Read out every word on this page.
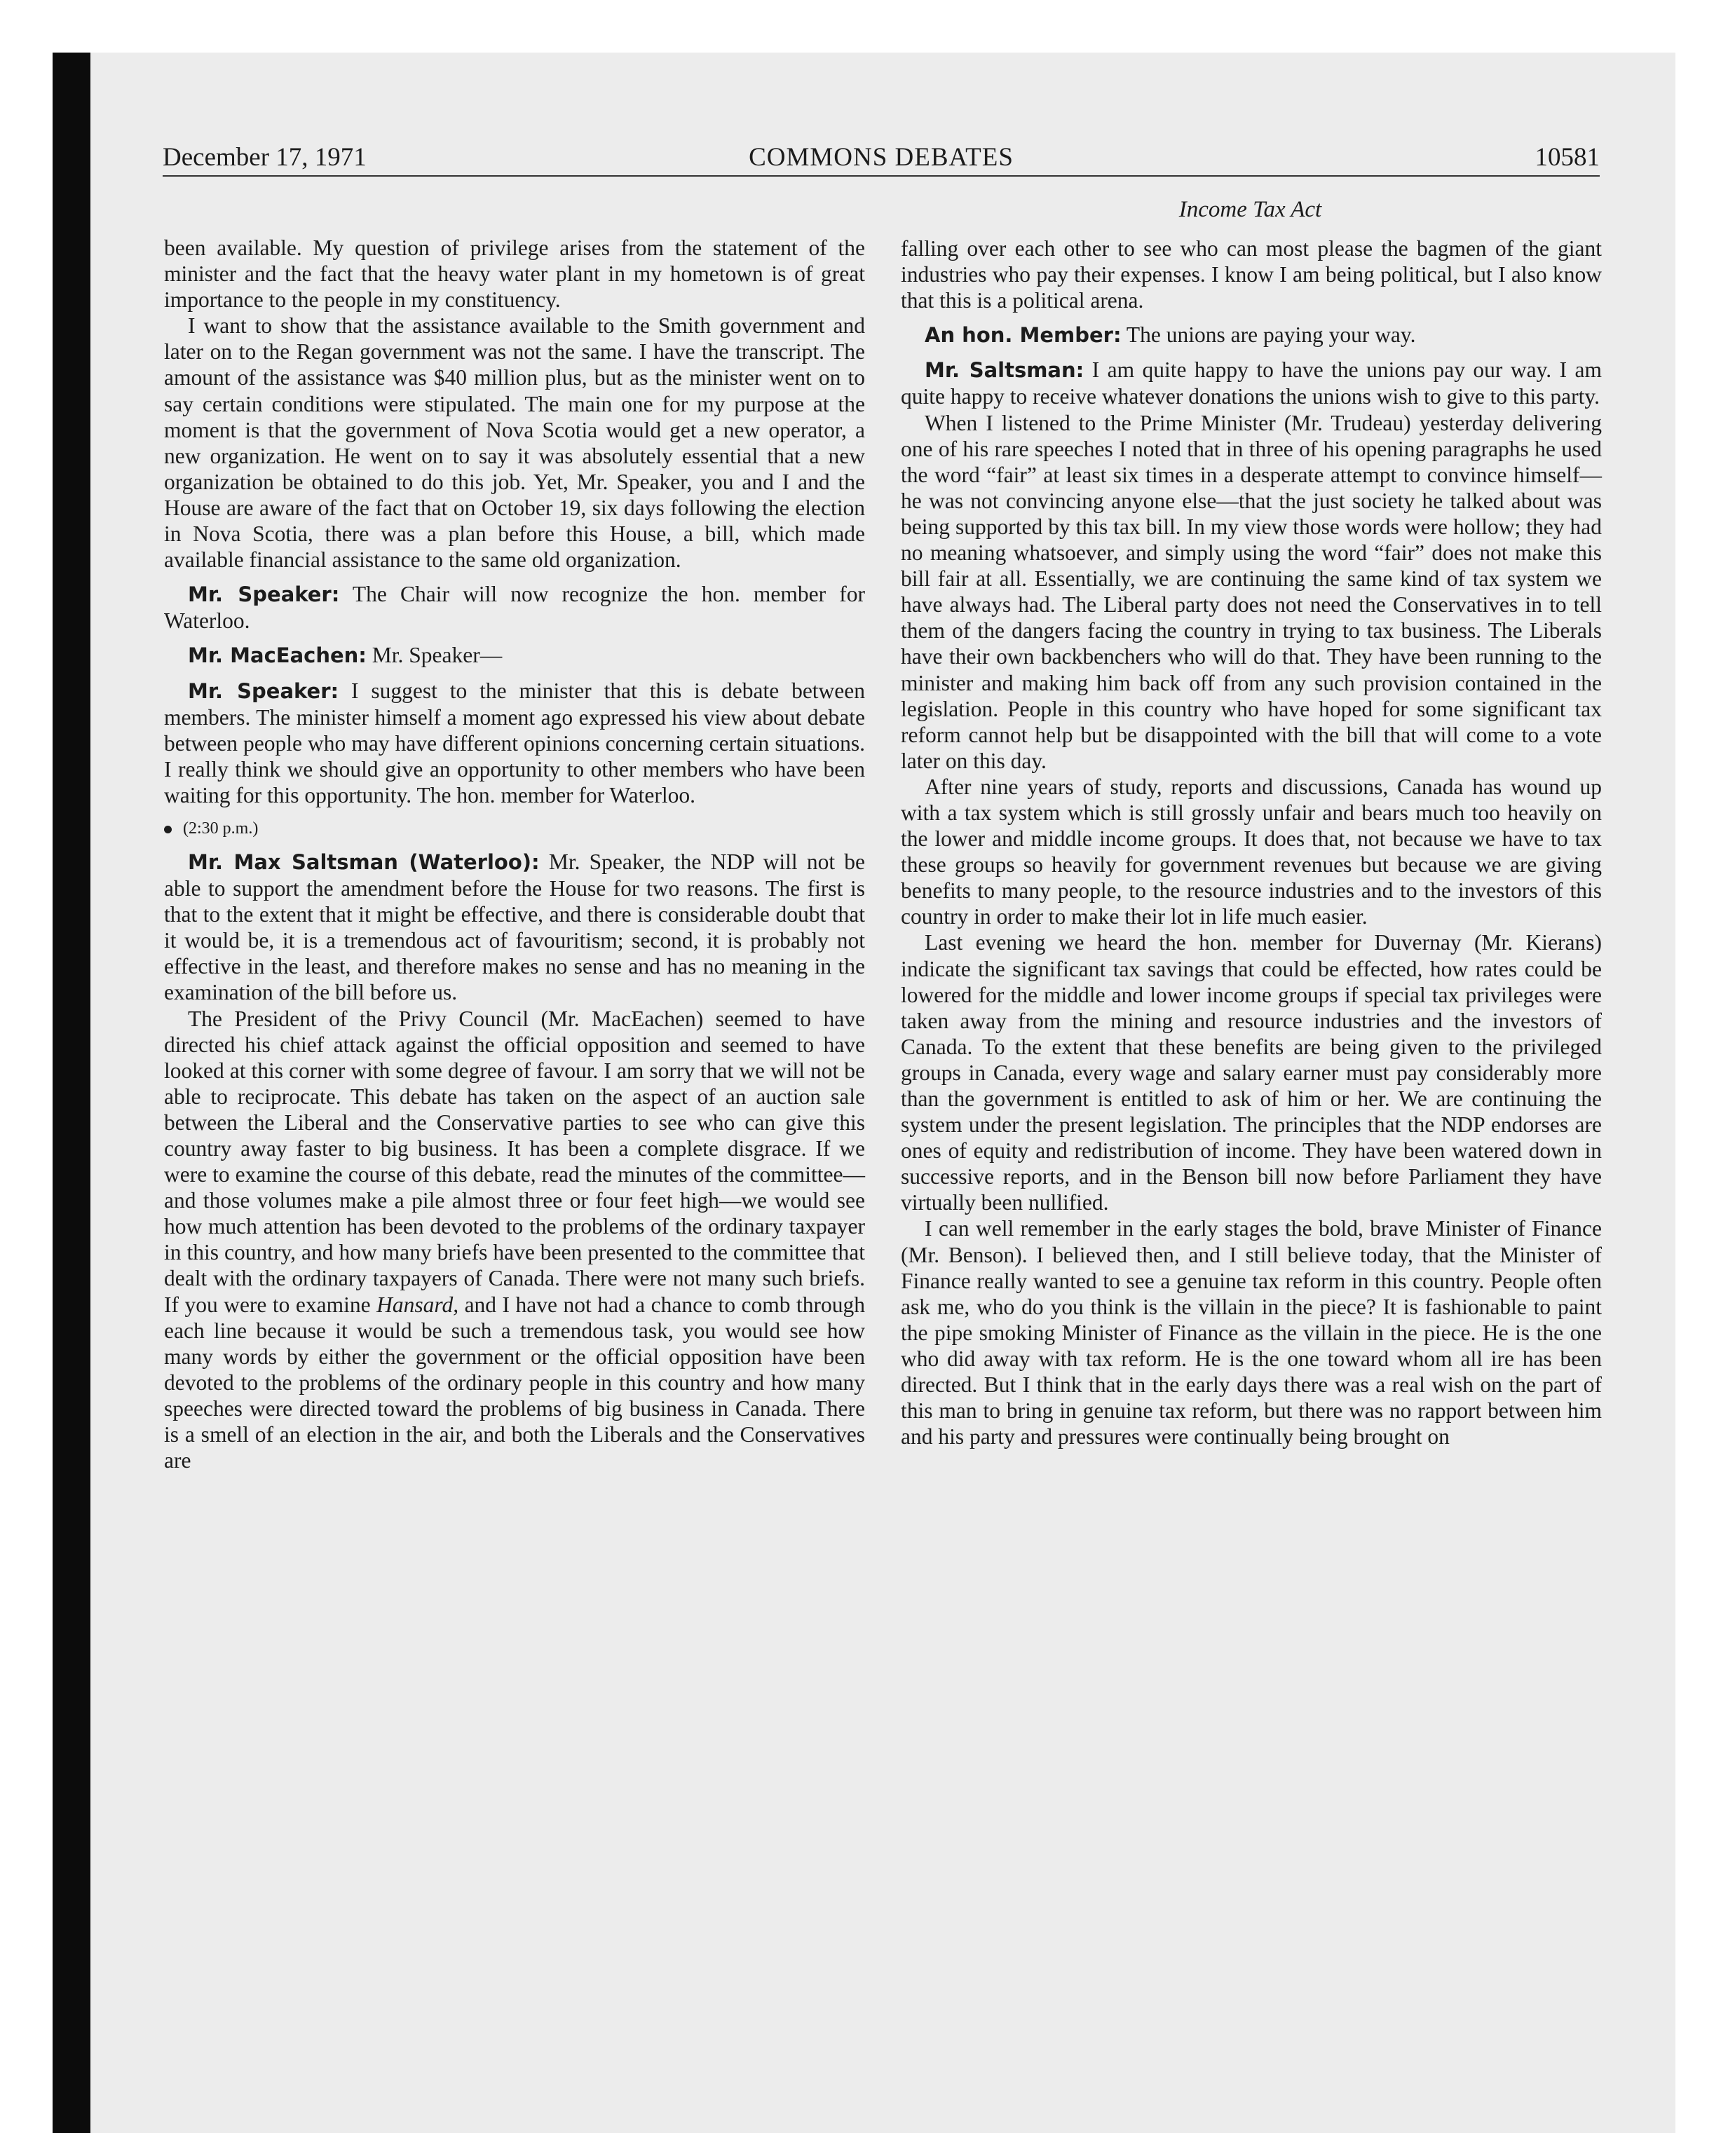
December 17, 1971	COMMONS DEBATES	10581
Income Tax Act

been available. My question of privilege arises from the statement of the minister and the fact that the heavy water plant in my hometown is of great importance to the people in my constituency.

I want to show that the assistance available to the Smith government and later on to the Regan government was not the same. I have the transcript. The amount of the assistance was $40 million plus, but as the minister went on to say certain conditions were stipulated. The main one for my purpose at the moment is that the government of Nova Scotia would get a new operator, a new organization. He went on to say it was absolutely essential that a new organization be obtained to do this job. Yet, Mr. Speaker, you and I and the House are aware of the fact that on October 19, six days following the election in Nova Scotia, there was a plan before this House, a bill, which made available financial assistance to the same old organization.

Mr. Speaker: The Chair will now recognize the hon. member for Waterloo.

Mr. MacEachen: Mr. Speaker—

Mr. Speaker: I suggest to the minister that this is debate between members. The minister himself a moment ago expressed his view about debate between people who may have different opinions concerning certain situations. I really think we should give an opportunity to other members who have been waiting for this opportunity. The hon. member for Waterloo.

(2:30 p.m.)

Mr. Max Saltsman (Waterloo): Mr. Speaker, the NDP will not be able to support the amendment before the House for two reasons. The first is that to the extent that it might be effective, and there is considerable doubt that it would be, it is a tremendous act of favouritism; second, it is probably not effective in the least, and therefore makes no sense and has no meaning in the examination of the bill before us.

The President of the Privy Council (Mr. MacEachen) seemed to have directed his chief attack against the official opposition and seemed to have looked at this corner with some degree of favour. I am sorry that we will not be able to reciprocate. This debate has taken on the aspect of an auction sale between the Liberal and the Conservative parties to see who can give this country away faster to big business. It has been a complete disgrace. If we were to examine the course of this debate, read the minutes of the committee—and those volumes make a pile almost three or four feet high—we would see how much attention has been devoted to the problems of the ordinary taxpayer in this country, and how many briefs have been presented to the committee that dealt with the ordinary taxpayers of Canada. There were not many such briefs. If you were to examine Hansard, and I have not had a chance to comb through each line because it would be such a tremendous task, you would see how many words by either the government or the official opposition have been devoted to the problems of the ordinary people in this country and how many speeches were directed toward the problems of big business in Canada. There is a smell of an election in the air, and both the Liberals and the Conservatives are

falling over each other to see who can most please the bagmen of the giant industries who pay their expenses. I know I am being political, but I also know that this is a political arena.

An hon. Member: The unions are paying your way.

Mr. Saltsman: I am quite happy to have the unions pay our way. I am quite happy to receive whatever donations the unions wish to give to this party.

When I listened to the Prime Minister (Mr. Trudeau) yesterday delivering one of his rare speeches I noted that in three of his opening paragraphs he used the word “fair” at least six times in a desperate attempt to convince himself—he was not convincing anyone else—that the just society he talked about was being supported by this tax bill. In my view those words were hollow; they had no meaning whatsoever, and simply using the word “fair” does not make this bill fair at all. Essentially, we are continuing the same kind of tax system we have always had. The Liberal party does not need the Conservatives in to tell them of the dangers facing the country in trying to tax business. The Liberals have their own backbenchers who will do that. They have been running to the minister and making him back off from any such provision contained in the legislation. People in this country who have hoped for some significant tax reform cannot help but be disappointed with the bill that will come to a vote later on this day.

After nine years of study, reports and discussions, Canada has wound up with a tax system which is still grossly unfair and bears much too heavily on the lower and middle income groups. It does that, not because we have to tax these groups so heavily for government revenues but because we are giving benefits to many people, to the resource industries and to the investors of this country in order to make their lot in life much easier.

Last evening we heard the hon. member for Duvernay (Mr. Kierans) indicate the significant tax savings that could be effected, how rates could be lowered for the middle and lower income groups if special tax privileges were taken away from the mining and resource industries and the investors of Canada. To the extent that these benefits are being given to the privileged groups in Canada, every wage and salary earner must pay considerably more than the government is entitled to ask of him or her. We are continuing the system under the present legislation. The principles that the NDP endorses are ones of equity and redistribution of income. They have been watered down in successive reports, and in the Benson bill now before Parliament they have virtually been nullified.

I can well remember in the early stages the bold, brave Minister of Finance (Mr. Benson). I believed then, and I still believe today, that the Minister of Finance really wanted to see a genuine tax reform in this country. People often ask me, who do you think is the villain in the piece? It is fashionable to paint the pipe smoking Minister of Finance as the villain in the piece. He is the one who did away with tax reform. He is the one toward whom all ire has been directed. But I think that in the early days there was a real wish on the part of this man to bring in genuine tax reform, but there was no rapport between him and his party and pressures were continually being brought on
